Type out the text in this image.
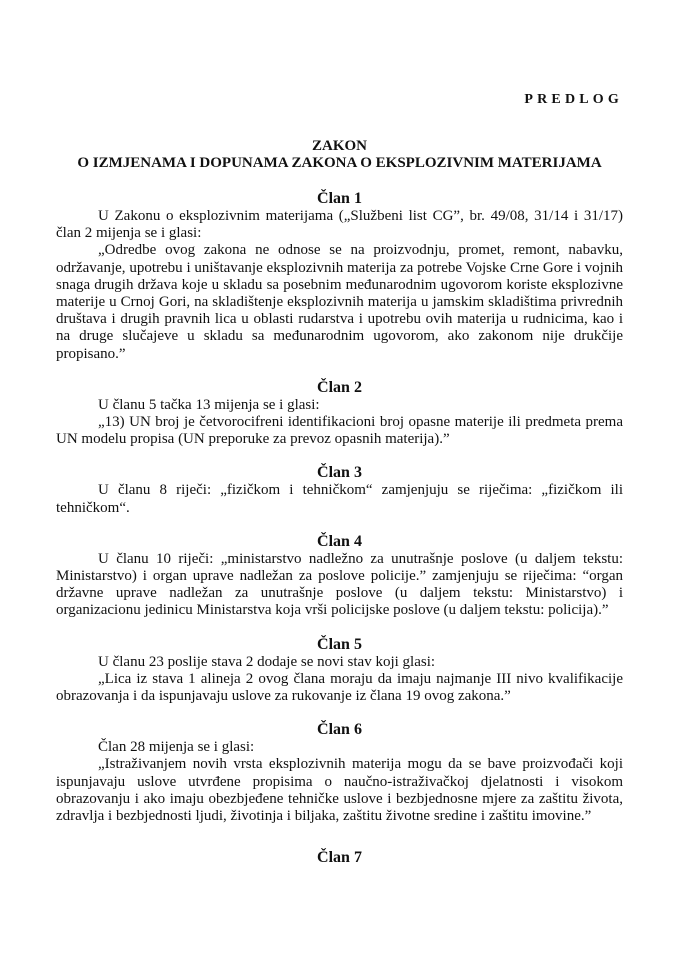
PREDLOG
ZAKON
O IZMJENAMA I DOPUNAMA ZAKONA O EKSPLOZIVNIM MATERIJAMA

Član 1

U Zakonu o eksplozivnim materijama („Službeni list CG”, br. 49/08, 31/14 i 31/17) član 2 mijenja se i glasi:

„Odredbe ovog zakona ne odnose se na proizvodnju, promet, remont, nabavku, održavanje, upotrebu i uništavanje eksplozivnih materija za potrebe Vojske Crne Gore i vojnih snaga drugih država koje u skladu sa posebnim međunarodnim ugovorom koriste eksplozivne materije u Crnoj Gori, na skladištenje eksplozivnih materija u jamskim skladištima privrednih društava i drugih pravnih lica u oblasti rudarstva i upotrebu ovih materija u rudnicima, kao i na druge slučajeve u skladu sa međunarodnim ugovorom, ako zakonom nije drukčije propisano.”

Član 2

U članu 5 tačka 13 mijenja se i glasi:

„13) UN broj je četvorocifreni identifikacioni broj opasne materije ili predmeta prema UN modelu propisa (UN preporuke za prevoz opasnih materija).”

Član 3

U članu 8 riječi: „fizičkom i tehničkom“ zamjenjuju se riječima: „fizičkom ili tehničkom“.

Član 4

U članu 10 riječi: „ministarstvo nadležno za unutrašnje poslove (u daljem tekstu: Ministarstvo) i organ uprave nadležan za poslove policije.” zamjenjuju se riječima: “organ državne uprave nadležan za unutrašnje poslove (u daljem tekstu: Ministarstvo) i organizacionu jedinicu Ministarstva koja vrši policijske poslove (u daljem tekstu: policija).”

Član 5

U članu 23 poslije stava 2 dodaje se novi stav koji glasi:

„Lica iz stava 1 alineja 2 ovog člana moraju da imaju najmanje III nivo kvalifikacije obrazovanja i da ispunjavaju uslove za rukovanje iz člana 19 ovog zakona.”

Član 6

Član 28 mijenja se i glasi:

„Istraživanjem novih vrsta eksplozivnih materija mogu da se bave proizvođači koji ispunjavaju uslove utvrđene propisima o naučno-istraživačkoj djelatnosti i visokom obrazovanju i ako imaju obezbjeđene tehničke uslove i bezbjednosne mjere za zaštitu života, zdravlja i bezbjednosti ljudi, životinja i biljaka, zaštitu životne sredine i zaštitu imovine.”

Član 7
